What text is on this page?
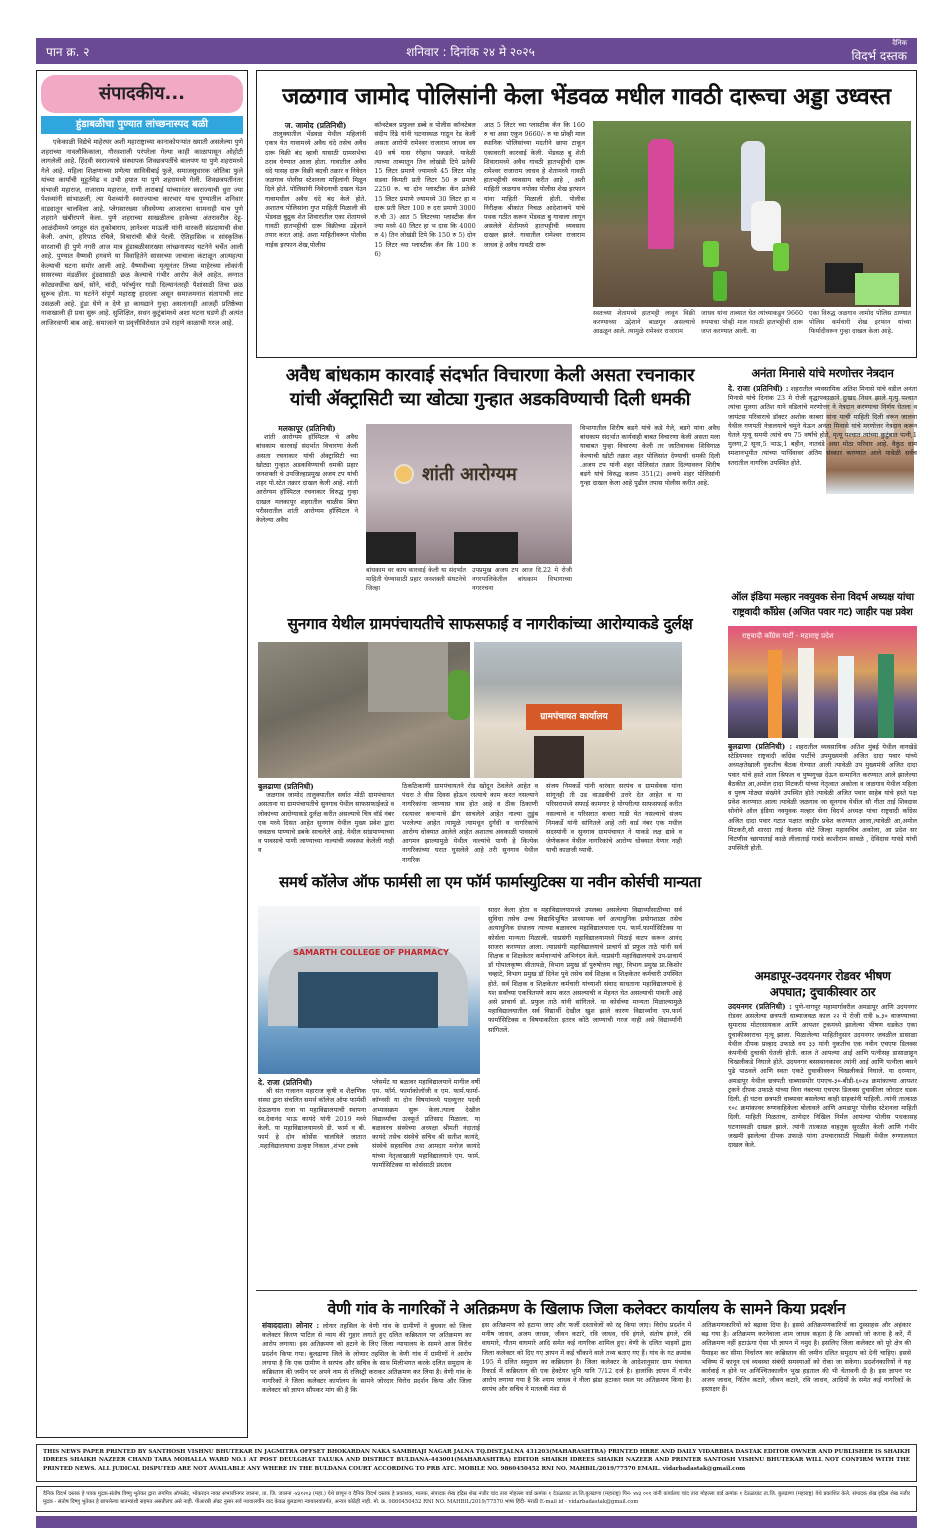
पान क्र. २	शनिवार : दिनांक २४ मे २०२५
दैनिक
विदर्भ दस्तक
संपादकीय...
हुंडाबळीचा पुण्यात लांच्छनास्पद बळी
एकेकाळी विद्येचे माहेरघर अशी महाराष्ट्राच्या कानाकोपऱ्यांत ख्याती असलेल्या पुणे शहराच्या नावलौकिकाला, गौरवशाली परंपरेला गेल्या काही काळापासून ओहोटी लागलेली आहे. हिंदवी स्वराज्याचे संस्थापक शिवछत्रपतींचे बालपण या पुणे शहरामध्ये गेले आहे. महिला शिक्षणाच्या प्रणेत्या सावित्रीबाई फुले, समाजसुधारक जोतिबा फुले यांच्या कार्यांची मुहूर्तमेढ व उभी हयात या पुणे शहरामध्ये गेली. शिवछत्रपतींनंतर संभाजी महाराज, राजाराम महाराज, राणी ताराबाई यांच्यानंतर स्वराज्याची धुरा ज्या पेशव्यांनी सांभाळली, त्या पेशव्यांनी स्वराज्याचा कारभार याच पुण्यातील शनिवार वाड्यातून चालविला आहे. प्लेगसारख्या जीवघेण्या आजाराचा सामनाही याच पुणे शहराने खंबीरपणे केला. पुणे शहराच्या साखळीतच हाकेच्या अंतरावरील देहू-आळंदीमध्ये जगद्गुरु संत तुकोबाराय, ज्ञानेश्वर माऊली यांनी वारकरी संप्रदायाची सेवा केली. अभंग, हरिपाठ रचिले, विचारांची बीजे पेरली. ऐतिहासिक व सांस्कृतिक वारशाची ही पुणे नगरी आज मात्र हुंडाबळीसारख्या लांच्छनास्पद घटनेने चर्चेत आली आहे. पुण्यात वैष्णवी हगवणे या विवाहितेने सासरच्या जाचाला कंटाळून आत्महत्या केल्याची घटना समोर आली आहे. वैष्णवीच्या मृत्यूनंतर तिच्या माहेरच्या लोकांनी सासरच्या मंडळींवर हुंड्यासाठी छळ केल्याचे गंभीर आरोप केले आहेत. लग्नात कोट्यवधींचा खर्च, सोने, चांदी, फॉर्च्युनर गाडी दिल्यानंतरही पैशांसाठी तिचा छळ सुरूच होता. या घटनेने संपूर्ण महाराष्ट्र हादरला असून समाजमनात संतापाची लाट उसळली आहे. हुंडा घेणे व देणे हा कायद्याने गुन्हा असतानाही आजही प्रतिष्ठेच्या नावाखाली ही प्रथा सुरू आहे. सुशिक्षित, सधन कुटुंबांमध्ये अशा घटना घडणे ही अत्यंत लाजिरवाणी बाब आहे. समाजाने या प्रवृत्तीविरोधात उभे राहणे काळाची गरज आहे.
जळगाव जामोद पोलिसांनी केला भेंडवळ मधील गावठी दारूचा अड्डा उध्वस्त
ज. जामोद (प्रतिनिधी)
तालुक्यातील भेंडवळ येथील महिलांनी एकत्र येत गावामध्ये अवैध धंदे तसेच अवैध दारू विक्री बंद व्हावी यासाठी ग्रामसभेचा ठराव घेण्यात आला होता. गावातील अवैध धंदे यासह दारू विक्री बंदची तक्रार व निवेदन जळगाव पोलीस स्टेशनला महिलांनी मिळून दिले होते. पोलिसांनी निवेदनाची दखल घेउन गावामधील अवैध धंदे बंद केले होते. अशातच पोलिसांना गुप्त माहिती मिळाली की भेंडवळ बुद्रुक शेत शिवारातील एका शेतामध्ये गावठी हातभट्टीची दारू विक्रीच्या उद्देशाने तयार करत आहे. अशा माहितीवरून पोलीस नाईक इरफान शेख,पोलीस
कॉन्स्टेबल प्रफुल्ल डब्बे व पोलीस कॉन्स्टेबल संदीप रिंढे यांनी घटनास्थळ गाठून रेड केली असता आरोपी रामेश्वर राजाराम जाधव वय 49 वर्ष यास रंगेहाथ पकडले. यावेळी त्याच्या ताब्यातून तिन लोखंडी टिपे प्रतेकी 15 लिटर प्रमाणे ज्यामध्ये 45 लिटर मोह सडवा किमती प्रती लिटर 50 रु प्रमाणे 2250 रु. चा दोन प्लास्टीक कॅन प्रतेकी 15 लिटर प्रमाणे ज्यामध्ये 30 लिटर हा म दारू प्रती लिटर 100 रु दरा प्रमाणे 3000 रु.ची 3) आत 5 लिटरच्या प्लास्टीक कॅन ज्या मध्ये 40 लिटर हा भ दास कि 4000 रु 4) तिन लोखंडी टिपे कि 150 रु 5) दोन 15 लिटर च्या प्लास्टीक कॅन कि 100 रु 6)
आठ 5 लिटर च्या प्लास्टीक कॅन कि 160 रु चा असा एकुन 9660/- रु चा प्रोव्ही माल स्थानिक पोलिसांच्या मदतीने छापा टाकून एकावरती कारवाई केली. भेंडवळ बु शेती शिवारामध्ये अवैध गावठी हातभट्टीची दारू रामेश्वर राजाराम जाधव हे शेतामध्ये गावठी हातभट्टीची व्यवसाय करीत आहे , अशी माहिती जळगाव नपोका पोलीस शेख इरफान यांना माहिती मिळाली होती. पोलीस निरीक्षक श्रीकांत निचळ आदेशान्वये यांचे पथक गठीत करून भेंडवळ बु गावाला लागून असलेले शेतीमध्ये हातभट्टीची व्यवसाय दाखल झाले. गावातील रामेश्वर राजाराम जाधव हे अवैध गावठी दारू
स्वतःच्या शेतामध्ये हातभट्टी लावून विक्री करण्याच्या उद्देशाने बाळगून असल्याचे आढळून आले. त्यामुळे रामेश्वर राजाराम
जाधव यांना ताब्यात घेत त्यांच्याकडून 9660 रुपयाचा पोव्ही माल गावठी हातभट्टीची दारू जप्त करण्यात आली. या
एका विरुद्ध जळगाव जामोद पोलिस ठाण्यात पोलिस कर्मचारी शेख इरफान यांच्या फिर्यादीवरून गुन्हा दाखल केला आहे.
अवैध बांधकाम कारवाई संदर्भात विचारणा केली असता रचनाकार
यांची ॲक्ट्रासिटी च्या खोट्या गुन्हात अडकविण्याची दिली धमकी
मलकापूर (प्रतिनिधी)
शांती आरोग्यम हॉस्पिटल चे अवैध बांधकाम कारवाई संदर्भात विचारणा केली असता रचनाकार यांची ॲक्ट्रासिटी च्या खोट्या गुन्हात अडकविण्याची धमकी प्रहार जनशक्ती चे उपजिल्हाप्रमुख अजय टप यांची शहर पो.स्टेत तक्रार दाखल केली आहे. शांती आरोग्यम हॉस्पिटल रचनाकार विरुद्ध गुन्हा दाखल मलकापूर शहरातील चाळीस बिघा परीसरातील शांती आरोग्यम हॉस्पिटल ने केलेल्या अवैध
शांती आरोग्यम
बांधकाम वर काय कारवाई केली या संदर्भात माहिती घेण्यासाठी प्रहार जनशक्ती संघटनेचे जिल्हा
उपप्रमुख अजय टप आज दि.22 मे रोजी नगरपालिकेतील बांधकाम विभागाच्या नगररचना
विभागातील शिरीष बडगे यांचे कडे गेले, बडगे यांना अवैध बांधकाम संदर्भात कार्यवाही बाबत विचारणा केली असता मला याबाबत पुन्हा विचारणा केली तर जातिवाचक शिविगाळ केल्याची खोटी तक्रार शहर पोलिसांत देण्याची धमकी दिली .अजय टप यांनी शहर पोलिसांत तक्रार दिल्यावरुन शिरीष बडगे यांचे विरुद्ध कलम 351(2) अन्वये शहर पोलिसांनी गुन्हा दाखल केला आहे पुढील तपास पोलीस करीत आहे.
अनंता मिनासे यांचे मरणोत्तर नेत्रदान
दे. राजा (प्रतिनिधी) : शहरातील व्यवसायिक अतिश मिनासे यांचे वडील अनंता मिनासे यांचे दिनांक 23 मे रोजी वृद्धापकाळाने दुःखद निधन झाले मृत्यु पश्चात त्यांचा मुलगा अतिश याने वडिलांचे मरणोत्तर ने नेत्रदान करण्याचा निर्णय घेतला व जायंटस परिवाराचे डॉक्टर अशोक काबरा यांना याची माहिती दिली वरून जालना येथील गणपती नेत्रालयाचे चमुने येऊन अनंता मिनासे यांचे मरणोत्तर नेत्रदान करून घेतले मृत्यू समयी त्यांचे वय 75 वर्षांचे होते, मृत्यू पश्चात त्यांच्या कुटुंबात पत्नी,1 मुलगा,2 सूना,5 भाऊ,1 बहीन, नातवंडे असा मोठा परिवार आहे. वैकुंठ धाम स्मशानभूमीत त्यांच्या पार्थिवावर अंतिम संस्कार करण्यात आले यावेळी सर्वच स्तरातील नागरिक उपस्थित होते.
सुनगाव येथील ग्रामपंचायतीचे साफसफाई व नागरीकांच्या आरोग्याकडे दुर्लक्ष
ग्रामपंचायत कार्यालय
बुलढाणा (प्रतिनिधी)
जळगाव जामोद तालुक्यातील सर्वात मोठी ग्रामपंचायत असताना या ग्रामपंचायतीचे सुनगाव येथील साफसफाईकडे व लोकांच्या आरोग्याकडे दुर्लक्ष करीत असल्याचे चित्र वॉर्ड नंबर एक मध्ये दिसत आहेत सुनगाव येथील मुख्य प्रवेश द्वारा जवळच पाण्याचे डबके साचलेले आहे. येथील सांडपाण्याच्या व पावसाचे पाणी जाण्याच्या नाल्यांची व्यवस्था केलेली नाही व
ठिकठिकाणी ग्रामपंचायतने रोड खोदून ठेवलेले आहेत व पंधरा ते वीस दिवस होऊन रस्त्याचे काम करत नसल्याने नागरिकांना जाण्यास त्रास होत आहे व ठीक ठिकाणी रस्त्यावर कचऱ्याचे ढीग साचलेले आहेत नाल्या तुडुंब भरलेल्या आहेत त्यामुळे त्यामधून दुर्गंधी व नागरिकांचे आरोग्य धोक्यात आलेले आहेत अशातच अवकाळी पावसाचे आगमन झाल्यामुळे येथील नाल्यांचे पाणी हे कित्येक नागरिकांच्या घरात घुसलेले आहे तरी सुनगाव येथील नागरिक
संजय निमकर्डे यांनी वारंवार सरपंच व ग्रामसेवक यांना सांगूनही ती उड वाउडवीची उत्तरे देत आहेत व या परिसरामध्ये सफाई कामगार हे योग्यरीत्या साफसफाई करीत नसल्याचे व परिसरात कचरा गाडी येत नसल्याचे संजय निमकर्डे यांनी सांगितले आहे तरी वार्ड नंबर एक मधील सदस्यांनी व सुनगाव ग्रामपंचायत ने याकडे लक्ष द्यावे व जेणेकरून येथील नागरिकांचे आरोग्य धोक्यात येणार नाही याची काळजी घ्यावी.
ऑल इंडिया मल्हार नवयुवक सेना विदर्भ अध्यक्ष यांचा
राष्ट्रवादी काँग्रेस (अजित पवार गट) जाहीर पक्ष प्रवेश
राष्ट्रवादी काँग्रेस पार्टी - महाराष्ट्र प्रदेश
बुलढाणा (प्रतिनिधी) : शहरातील व्यवसायिक अतिश मुंबई येथील वानखेडे स्टेडियमवर राष्ट्रवादी कॉंग्रेस पार्टीचे उपमुख्यमंत्री अजित दादा पवार यांच्ये अध्यक्षतेखाली नुकतीच बैठक घेण्यात आली त्यावेळी उप मुख्यमंत्री अजित दादा पवार यांचे हस्ते शाल श्रिफल व पुष्पगुच्छ देऊन सन्मानित करण्यात आले झालेल्या बैठकीत आ,अमोल दादा मिटकरी यांच्या नेतृत्वात अकोला व जळगाव येथील महिला व पुरुष मोठ्या संख्येने उपस्थित होते त्यावेळी अजित पवार साहेब यांचे हस्ते पक्ष प्रवेश करण्यात आला त्यावेळी जळगाव जा सूनगाव येथील सौ गीता ताई शिवदास सोनोने ऑल इंडिया नवयुवक मल्हार सेना विदर्भ अध्यक्ष यांचा राष्ट्रवादी कॉंग्रेस अजित दादा पवार गटात पक्षात जाहीर प्रवेश करण्यात आला,त्यावेळी आ,अमोल मिटकरी,सौ शारदा ताई कैलास थोटे जिल्हा महासचिव अकोला, आ प्रदेश सर चिटणीस च्छायाताई काळे लीलाताई गावंडे काशीराम सावळे , देविदास गावंडे यांची उपस्थिती होती.
समर्थ कॉलेज ऑफ फार्मसी ला एम फॉर्म फार्मास्युटिक्स या नवीन कोर्सची मान्यता
SAMARTH COLLEGE OF PHARMACY
दे. राजा (प्रतिनिधी)
श्री संत गजानन महाराज कृषी व शैक्षणिक संस्था द्वारा संचलित समर्थ कॉलेज ऑफ फार्मसी देऊळगाव राजा या महाविद्यालयाची स्थापना स्व.देवानंद भाऊ कायंदे यांनी 2019 मध्ये केली. या महाविद्यालयामध्ये डी. फार्म व बी. फार्म हे दोन कोर्सेस चालविले जातात .महाविद्यालयाचा उत्कृष्ट निकाल ,शंभर टक्के
प्लेसमेंट या बळावर महाविद्यालयाने मागील वर्षी एम. फॉर्म. फार्माकोलॉजी व एम. फार्म.फार्मा-कॉग्नसी या दोन विषयांमध्ये पदव्युत्तर पदवी अभ्यासक्रम सुरू केला.त्याला देखील विद्यार्थ्यांचा उत्स्फूर्त प्रतिसाद मिळाला. या बळावरच संस्थेच्या अध्यक्षा श्रीमती नंदाताई कायंदे तसेच संस्थेचे सचिव श्री सतीश कायंदे, संस्थेचे सहसचिव तथा आमदार मनोज कायंदे यांच्या नेतृत्वाखाली महाविद्यालयाने एम. फार्म. फार्मासिटिक्स या कोर्ससाठी प्रस्ताव
सादर केला होता व महाविद्यालयामध्ये उपलब्ध असलेल्या विद्यार्थ्यांसाठीच्या सर्व सुविधा तसेच उच्च विद्याविभूषित प्राध्यापक वर्ग अत्याधुनिक प्रयोगशाळा तसेच अत्याधुनिक ग्रंथालय त्याच्या बळावरच महाविद्यालयाला एम. फार्म.फार्मासिटिक्स या कोर्सला मान्यता मिळाली. याप्रसंगी महाविद्यालयामध्ये मिठाई वाटप करून आनंद साजरा करण्यात आला. त्याप्रसंगी महाविद्यालयाचे प्राचार्य डॉ प्रफुल ताठे यांनी सर्व शिक्षक व शिक्षकेतर कर्मचाऱ्यांचे अभिनंदन केले. याप्रसंगी महाविद्यालयाचे उप-प्राचार्य डॉ गोपालकृष्ण सीतापळे, विभाग प्रमुख डॉ पुरुषोत्तम लढ्ढा, विभाग प्रमुख प्रा.किशोर चव्हाटे, विभाग प्रमुख डॉ दिनेश पुवे तसेच सर्व शिक्षक व शिक्षकेतर कर्मचारी उपस्थित होते. सर्व शिक्षक व शिक्षकेतर कर्मचारी यांच्याशी संवाद साधताना महाविद्यालयाचे हे यश सर्वांच्या एकत्रितपणे काम करत असल्याची व मेहनत घेत असल्याची पावती आहे असे प्राचार्य डॉ. प्रफुल ताठे यांनी सांगितले. या कोर्सच्या मान्यता मिळाल्यामुळे महाविद्यालयातील सर्व विद्यार्थी देखील खुश झाले कारण विद्यार्थ्यांना एम.फार्म फार्मासिटिक्स व विषयाकरिता इतरत्र कोठे जाण्याची गरज नाही असे विद्यार्थ्यांनी सांगितले.
अमडापूर-उदयनगर रोडवर भीषण
अपघात; दुचाकीस्वार ठार
उदयनगर (प्रतिनिधी) : पुणे-नागपूर महामार्गावरील अमडापूर आणि उदयनगर रोडवर असलेल्या छत्रपती धाब्याजवळ काल २२ मे रोजी रात्री ७.३० वाजण्याच्या सुमारास मोटरसायकल आणि आयशर ट्रकमध्ये झालेल्या भीषण धडकेत एका दुचाकीस्वाराचा मृत्यू झाला. मिळालेल्या माहितीनुसार उदयनगर जवळील डासाळा येथील दीपक प्रल्हाद उफाळे वय ३३ यांनी नुकतीच एक नवीन एचएफ डिलक्स कंपनीची दुचाकी घेतली होती. काल ते आपल्या आई आणि पत्नीसह डासाळाहून चिखलीकडे निघाले होते. उदयनगर बसस्थानकावर त्यांनी आई आणि पत्नीला बसने पुढे पाठवले आणि स्वतः एकटे दुचाकीवरुन चिखलीकडे निघाले. या दरम्यान, अमडापूर येथील छत्रपती धाब्यासमोर एमएच-३०-बीडी-६०२४ क्रमांकाच्या आयशर ट्रकने दीपक उफाळे यांच्या विना नंबरच्या एचएफ डिलक्स दुचाकीला जोरदार धडक दिली. ही घटना छत्रपती धाब्यावर बसलेल्या काही ग्राहकांनी पाहिली. त्यांनी तात्काळ १०८ क्रमांकावर रुग्णवाहिकेला बोलावले आणि अमडापूर पोलीस स्टेशनला माहिती दिली. माहिती मिळताच, ठाणेदार निखिल निर्मल आपल्या पोलीस पथकासह घटनास्थळी दाखल झाले. त्यांनी तात्काळ वाहतूक सुरळीत केली आणि गंभीर जखमी झालेल्या दीपक उफाळे यांना उपचारासाठी चिखली येथील रुग्णालयात दाखल केले.
वेणी गांव के नागरिकों ने अतिक्रमण के खिलाफ जिला कलेक्टर कार्यालय के सामने किया प्रदर्शन
संवाददाता। लोनार : लोनार तहसिल के वेणी गांव के ग्रामीणों ने बुधवार को जिला कलेक्टर किरण पाटिल से न्याय की गुहार लगाते हुए दलित कब्रिस्तान पर अतिक्रमण का आरोप लगाया। इस अतिक्रमण को हटाने के लिए जिला न्यायालय के सामने आज विरोध प्रदर्शन किया गया। बुलढाणा जिले के लोणार तहसिल के वेणी गांव में ग्रामीणों ने आरोप लगाया है कि एक ग्रामीण ने सरपंच और सचिव के साथ मिलीभगत करके दलित समुदाय के कब्रिस्तान की जमीन पर अपने नाम से रजिस्ट्री कराकर अतिक्रमण कर लिया है। वेणी गांव के नागरिकों ने जिला कलेक्टर कार्यालय के सामने जोरदार विरोध प्रदर्शन किया और जिला कलेक्टर को ज्ञापन सौंपकर मांग की है कि
इस अतिक्रमण को हटाया जाए और फर्जी दस्तावेजों को रद्द किया जाए। विरोध प्रदर्शन में मनीष जाधव, अजय जाधव, जीवन कटारे, रवि जाधव, रवि इंगले, संतोष इंगले, रवि वाघमारे, गौतम वाघमारे आदि समेत कई नागरिक शामिल हुए। वेणी के दलित भाइयों द्वारा जिला कलेक्टर को दिए गए ज्ञापन में कई चौंकाने वाले तथ्य बताए गए हैं। गांव के गट क्रमांक 195 में दलित समुदाय का कब्रिस्तान है। जिला कलेक्टर के आदेशानुसार ग्राम पंचायत रिकार्ड में कब्रिस्तान की एक हेक्टेयर भूमि यानि 7/12 दर्ज है। हालांकि ज्ञापन में गंभीर आरोप लगाया गया है कि श्याम जाधव ने नीला झंडा हटाकर स्थल पर अतिक्रमण किया है। सरपंच और सचिव ने मतलबी मंशा से
अतिक्रमणकारियों को बढ़ावा दिया है। इससे अतिक्रमणकारियों का दुस्साहस और अहंकार बढ़ गया है। अतिक्रमण करनेवाला शाम जाधव कहता है कि आपको जो करना है करें, मैं अतिक्रमण नहीं हटाऊंगा ऐसा भी ज्ञापन में नमुद है। इसलिए जिला कलेक्टर को पूरे क्षेत्र की पैमाइश कर सीमा निर्धारण कर कब्रिस्तान की जमीन दलित समुदाय को देनी चाहिए। इससे भविष्य में कानून एवं व्यवस्था संबंधी समस्याओं को रोका जा सकेगा। प्रदर्शनकारियों ने यह कार्रवाई न होने पर अनिश्चितकालीन भूख हड़ताल की भी चेतावनी दी है। इस ज्ञापन पर अजय जाधव, नितिन कटारे, जीवन कटारे, रवि जाधव, आदियों के समेत कई नागरिकों के हस्ताक्षर हैं।
THIS NEWS PAPER PRINTED BY SANTHOSH VISHNU BHUTEKAR IN JAGMITRA OFFSET BHOKARDAN NAKA SAMBHAJI NAGAR JALNA TQ.DIST.JALNA 431203(MAHARASHTRA) PRINTED HRRE AND DAILY VIDARBHA DASTAK EDITOR OWNER AND PUBLISHER IS SHAIKH IDREES SHAIKH NAZEER CHAND TARA MOHALLA WARD NO.1 AT POST DEULGHAT TALUKA AND DISTRICT BULDANA-443001(MAHARASHTRA) EDITOR SHAIKH IDREES SHAIKH NAZEER AND PRINTER SANTOSH VISHNU BHUTEKAR WILL NOT CONFIRM WITH THE PRINTED NEWS. ALL JUDICAL DISPUTED ARE NOT AVAILABLE ANY WHERE IN THE BULDANA COURT ACCORDING TO PRB ATC. MOBILE NO. 9860450452 RNI NO. MAHBIL/2019/77570 EMAIL. vidarbadastak@gmail.com
दैनिक विदर्भ दस्तक हे पत्रक मुद्रक-संतोष विष्णु भुतेकर द्वारा जगमित्र ऑफसेट, भोकरदन नाका संभाजीनगर जालना, ता. जि. जालना -४३१२०३ (महा.) येथे छापून व दैनिक विदर्भ दस्तक हे प्रकाशक, मालक, संपादक शेख इद्रिस शेख नजीर चांद तारा मोहल्ला वार्ड क्रमांक १ देऊळघाट ता.जि.बुलढाणा (महाराष्ट्र) पिन- ४४३ ००१ यांनी कार्यालय चांद तारा मोहल्ला वार्ड क्रमांक १ देऊळघाट ता.जि. बुलढाणा (महाराष्ट्र) येथे प्रकाशित केले. संपादक शेख इद्रिस शेख नजीर मुद्रक - संतोष विष्णु भुतेकर हे छापलेल्या बातम्यांशी सहमत असतीलच असे नाही. पीआरबी ॲक्ट नुसार सर्व न्यायालयीन वाद केवळ बुलढाणा न्यायालयांतर्गत, अन्यत्र कोठेही नाही. मो. क्र. 9860450452 RNI NO. MAHBIL/2019/77570 भाषा हिंदी- मराठी E-mail id - vidarbadastak@gmail.com
